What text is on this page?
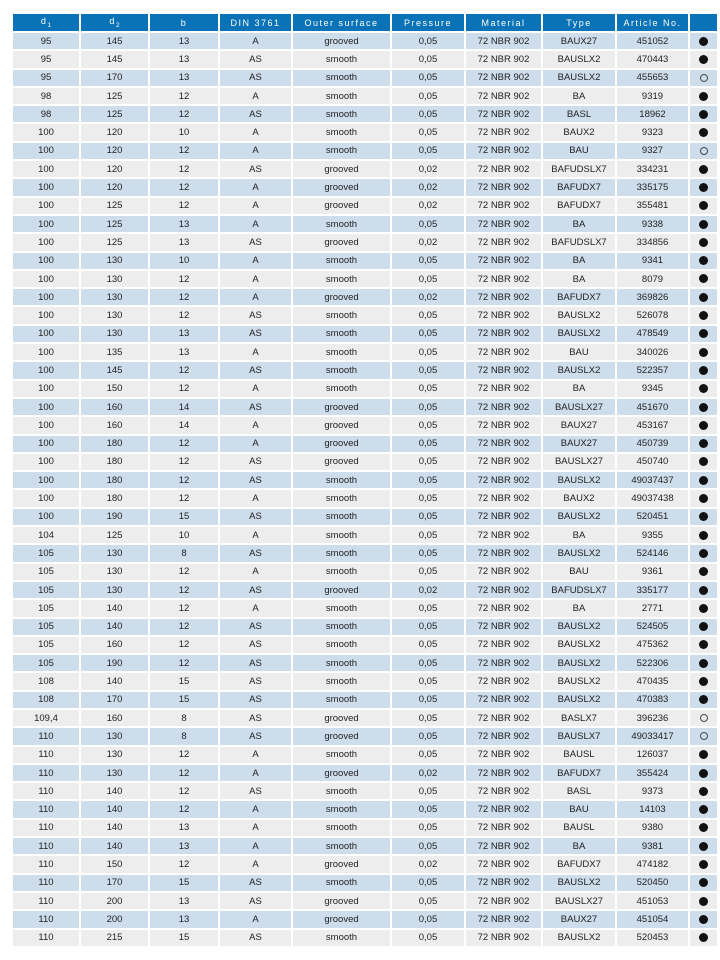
$d_1$	$d_2$	b	DIN 3761	Outer surface	Pressure	Material	Type	Article No.	
95	145	13	A	grooved	0,05	72 NBR 902	BAUX27	451052	
95	145	13	AS	smooth	0,05	72 NBR 902	BAUSLX2	470443	
95	170	13	AS	smooth	0,05	72 NBR 902	BAUSLX2	455653	
98	125	12	A	smooth	0,05	72 NBR 902	BA	9319	
98	125	12	AS	smooth	0,05	72 NBR 902	BASL	18962	
100	120	10	A	smooth	0,05	72 NBR 902	BAUX2	9323	
100	120	12	A	smooth	0,05	72 NBR 902	BAU	9327	
100	120	12	AS	grooved	0,02	72 NBR 902	BAFUDSLX7	334231	
100	120	12	A	grooved	0,02	72 NBR 902	BAFUDX7	335175	
100	125	12	A	grooved	0,02	72 NBR 902	BAFUDX7	355481	
100	125	13	A	smooth	0,05	72 NBR 902	BA	9338	
100	125	13	AS	grooved	0,02	72 NBR 902	BAFUDSLX7	334856	
100	130	10	A	smooth	0,05	72 NBR 902	BA	9341	
100	130	12	A	smooth	0,05	72 NBR 902	BA	8079	
100	130	12	A	grooved	0,02	72 NBR 902	BAFUDX7	369826	
100	130	12	AS	smooth	0,05	72 NBR 902	BAUSLX2	526078	
100	130	13	AS	smooth	0,05	72 NBR 902	BAUSLX2	478549	
100	135	13	A	smooth	0,05	72 NBR 902	BAU	340026	
100	145	12	AS	smooth	0,05	72 NBR 902	BAUSLX2	522357	
100	150	12	A	smooth	0,05	72 NBR 902	BA	9345	
100	160	14	AS	grooved	0,05	72 NBR 902	BAUSLX27	451670	
100	160	14	A	grooved	0,05	72 NBR 902	BAUX27	453167	
100	180	12	A	grooved	0,05	72 NBR 902	BAUX27	450739	
100	180	12	AS	grooved	0,05	72 NBR 902	BAUSLX27	450740	
100	180	12	AS	smooth	0,05	72 NBR 902	BAUSLX2	49037437	
100	180	12	A	smooth	0,05	72 NBR 902	BAUX2	49037438	
100	190	15	AS	smooth	0,05	72 NBR 902	BAUSLX2	520451	
104	125	10	A	smooth	0,05	72 NBR 902	BA	9355	
105	130	8	AS	smooth	0,05	72 NBR 902	BAUSLX2	524146	
105	130	12	A	smooth	0,05	72 NBR 902	BAU	9361	
105	130	12	AS	grooved	0,02	72 NBR 902	BAFUDSLX7	335177	
105	140	12	A	smooth	0,05	72 NBR 902	BA	2771	
105	140	12	AS	smooth	0,05	72 NBR 902	BAUSLX2	524505	
105	160	12	AS	smooth	0,05	72 NBR 902	BAUSLX2	475362	
105	190	12	AS	smooth	0,05	72 NBR 902	BAUSLX2	522306	
108	140	15	AS	smooth	0,05	72 NBR 902	BAUSLX2	470435	
108	170	15	AS	smooth	0,05	72 NBR 902	BAUSLX2	470383	
109,4	160	8	AS	grooved	0,05	72 NBR 902	BASLX7	396236	
110	130	8	AS	grooved	0,05	72 NBR 902	BAUSLX7	49033417	
110	130	12	A	smooth	0,05	72 NBR 902	BAUSL	126037	
110	130	12	A	grooved	0,02	72 NBR 902	BAFUDX7	355424	
110	140	12	AS	smooth	0,05	72 NBR 902	BASL	9373	
110	140	12	A	smooth	0,05	72 NBR 902	BAU	14103	
110	140	13	A	smooth	0,05	72 NBR 902	BAUSL	9380	
110	140	13	A	smooth	0,05	72 NBR 902	BA	9381	
110	150	12	A	grooved	0,02	72 NBR 902	BAFUDX7	474182	
110	170	15	AS	smooth	0,05	72 NBR 902	BAUSLX2	520450	
110	200	13	AS	grooved	0,05	72 NBR 902	BAUSLX27	451053	
110	200	13	A	grooved	0,05	72 NBR 902	BAUX27	451054	
110	215	15	AS	smooth	0,05	72 NBR 902	BAUSLX2	520453	
